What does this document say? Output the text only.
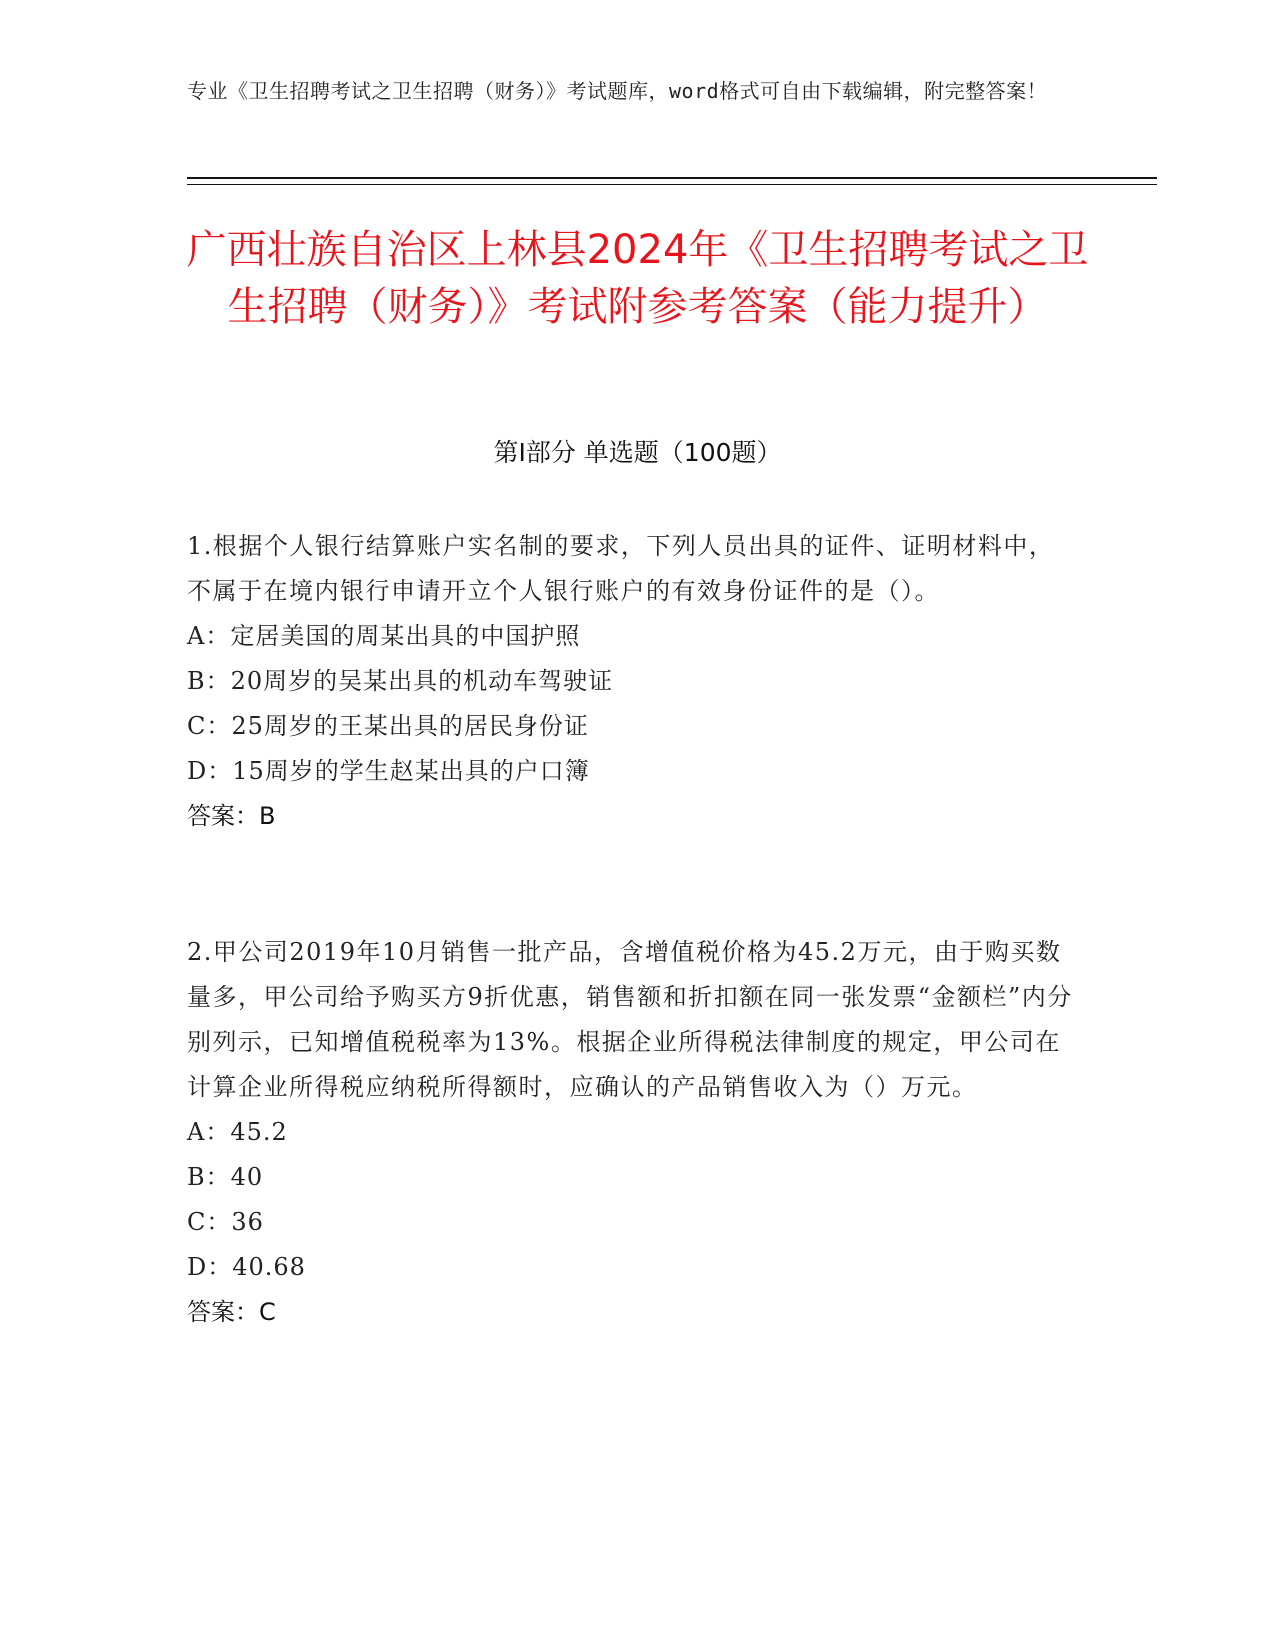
专业《卫生招聘考试之卫生招聘（财务）》考试题库，word格式可自由下载编辑，附完整答案！
广西壮族自治区上林县2024年《卫生招聘考试之卫生招聘（财务）》考试附参考答案（能力提升）
第Ⅰ部分 单选题（100题）
1.根据个人银行结算账户实名制的要求，下列人员出具的证件、证明材料中，不属于在境内银行申请开立个人银行账户的有效身份证件的是（）。
A：定居美国的周某出具的中国护照
B：20周岁的吴某出具的机动车驾驶证
C：25周岁的王某出具的居民身份证
D：15周岁的学生赵某出具的户口簿
答案：B
2.甲公司2019年10月销售一批产品，含增值税价格为45.2万元，由于购买数量多，甲公司给予购买方9折优惠，销售额和折扣额在同一张发票“金额栏”内分别列示，已知增值税税率为13%。根据企业所得税法律制度的规定，甲公司在计算企业所得税应纳税所得额时，应确认的产品销售收入为（）万元。
A：45.2
B：40
C：36
D：40.68
答案：C
